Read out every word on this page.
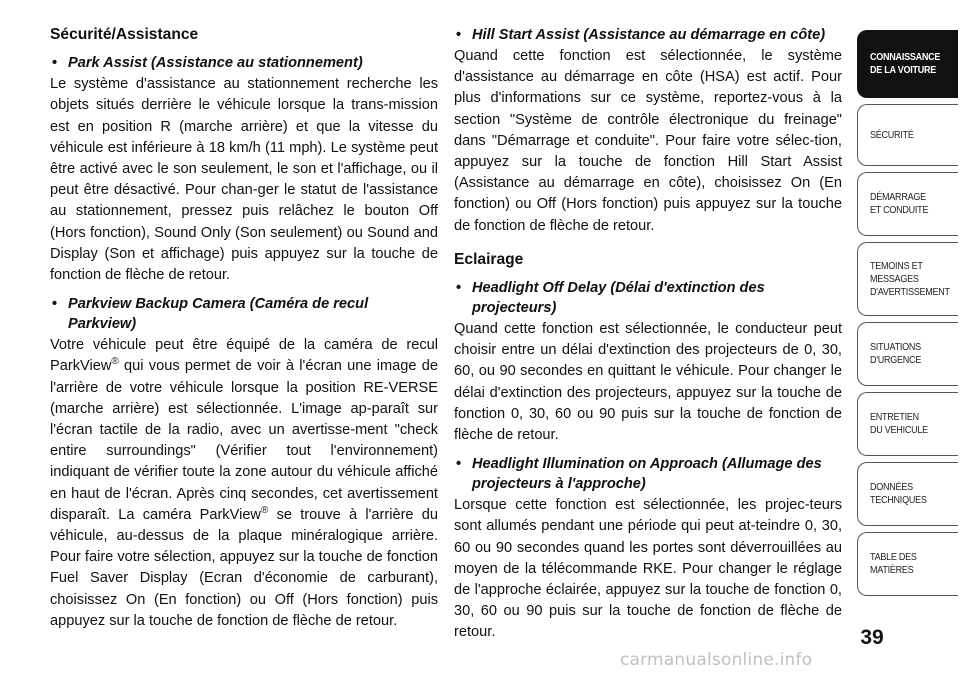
Sécurité/Assistance
• Park Assist (Assistance au stationnement)

Le système d'assistance au stationnement recherche les objets situés derrière le véhicule lorsque la trans-mission est en position R (marche arrière) et que la vitesse du véhicule est inférieure à 18 km/h (11 mph). Le système peut être activé avec le son seulement, le son et l'affichage, ou il peut être désactivé. Pour chan-ger le statut de l'assistance au stationnement, pressez puis relâchez le bouton Off (Hors fonction), Sound Only (Son seulement) ou Sound and Display (Son et affichage) puis appuyez sur la touche de fonction de flèche de retour.

• Parkview Backup Camera (Caméra de recul Parkview)

Votre véhicule peut être équipé de la caméra de recul ParkView® qui vous permet de voir à l'écran une image de l'arrière de votre véhicule lorsque la position RE-VERSE (marche arrière) est sélectionnée. L'image ap-paraît sur l'écran tactile de la radio, avec un avertisse-ment "check entire surroundings" (Vérifier tout l'environnement) indiquant de vérifier toute la zone autour du véhicule affiché en haut de l'écran. Après cinq secondes, cet avertissement disparaît. La caméra ParkView® se trouve à l'arrière du véhicule, au-dessus de la plaque minéralogique arrière. Pour faire votre sélection, appuyez sur la touche de fonction Fuel Saver Display (Ecran d'économie de carburant), choisissez On (En fonction) ou Off (Hors fonction) puis appuyez sur la touche de fonction de flèche de retour.

• Hill Start Assist (Assistance au démarrage en côte)

Quand cette fonction est sélectionnée, le système d'assistance au démarrage en côte (HSA) est actif. Pour plus d'informations sur ce système, reportez-vous à la section "Système de contrôle électronique du freinage" dans "Démarrage et conduite". Pour faire votre sélec-tion, appuyez sur la touche de fonction Hill Start Assist (Assistance au démarrage en côte), choisissez On (En fonction) ou Off (Hors fonction) puis appuyez sur la touche de fonction de flèche de retour.

Eclairage
• Headlight Off Delay (Délai d'extinction des projecteurs)

Quand cette fonction est sélectionnée, le conducteur peut choisir entre un délai d'extinction des projecteurs de 0, 30, 60, ou 90 secondes en quittant le véhicule. Pour changer le délai d'extinction des projecteurs, appuyez sur la touche de fonction 0, 30, 60 ou 90 puis sur la touche de fonction de flèche de retour.

• Headlight Illumination on Approach (Allumage des projecteurs à l'approche)

Lorsque cette fonction est sélectionnée, les projec-teurs sont allumés pendant une période qui peut at-teindre 0, 30, 60 ou 90 secondes quand les portes sont déverrouillées au moyen de la télécommande RKE. Pour changer le réglage de l'approche éclairée, appuyez sur la touche de fonction 0, 30, 60 ou 90 puis sur la touche de fonction de flèche de retour.

CONNAISSANCE
DE LA VOITURE
SÉCURITÉ
DÉMARRAGE
ET CONDUITE
TEMOINS ET
MESSAGES
D'AVERTISSEMENT
SITUATIONS
D'URGENCE
ENTRETIEN
DU VEHICULE
DONNÉES
TECHNIQUES
TABLE DES
MATIÈRES
39
carmanualsonline.info
